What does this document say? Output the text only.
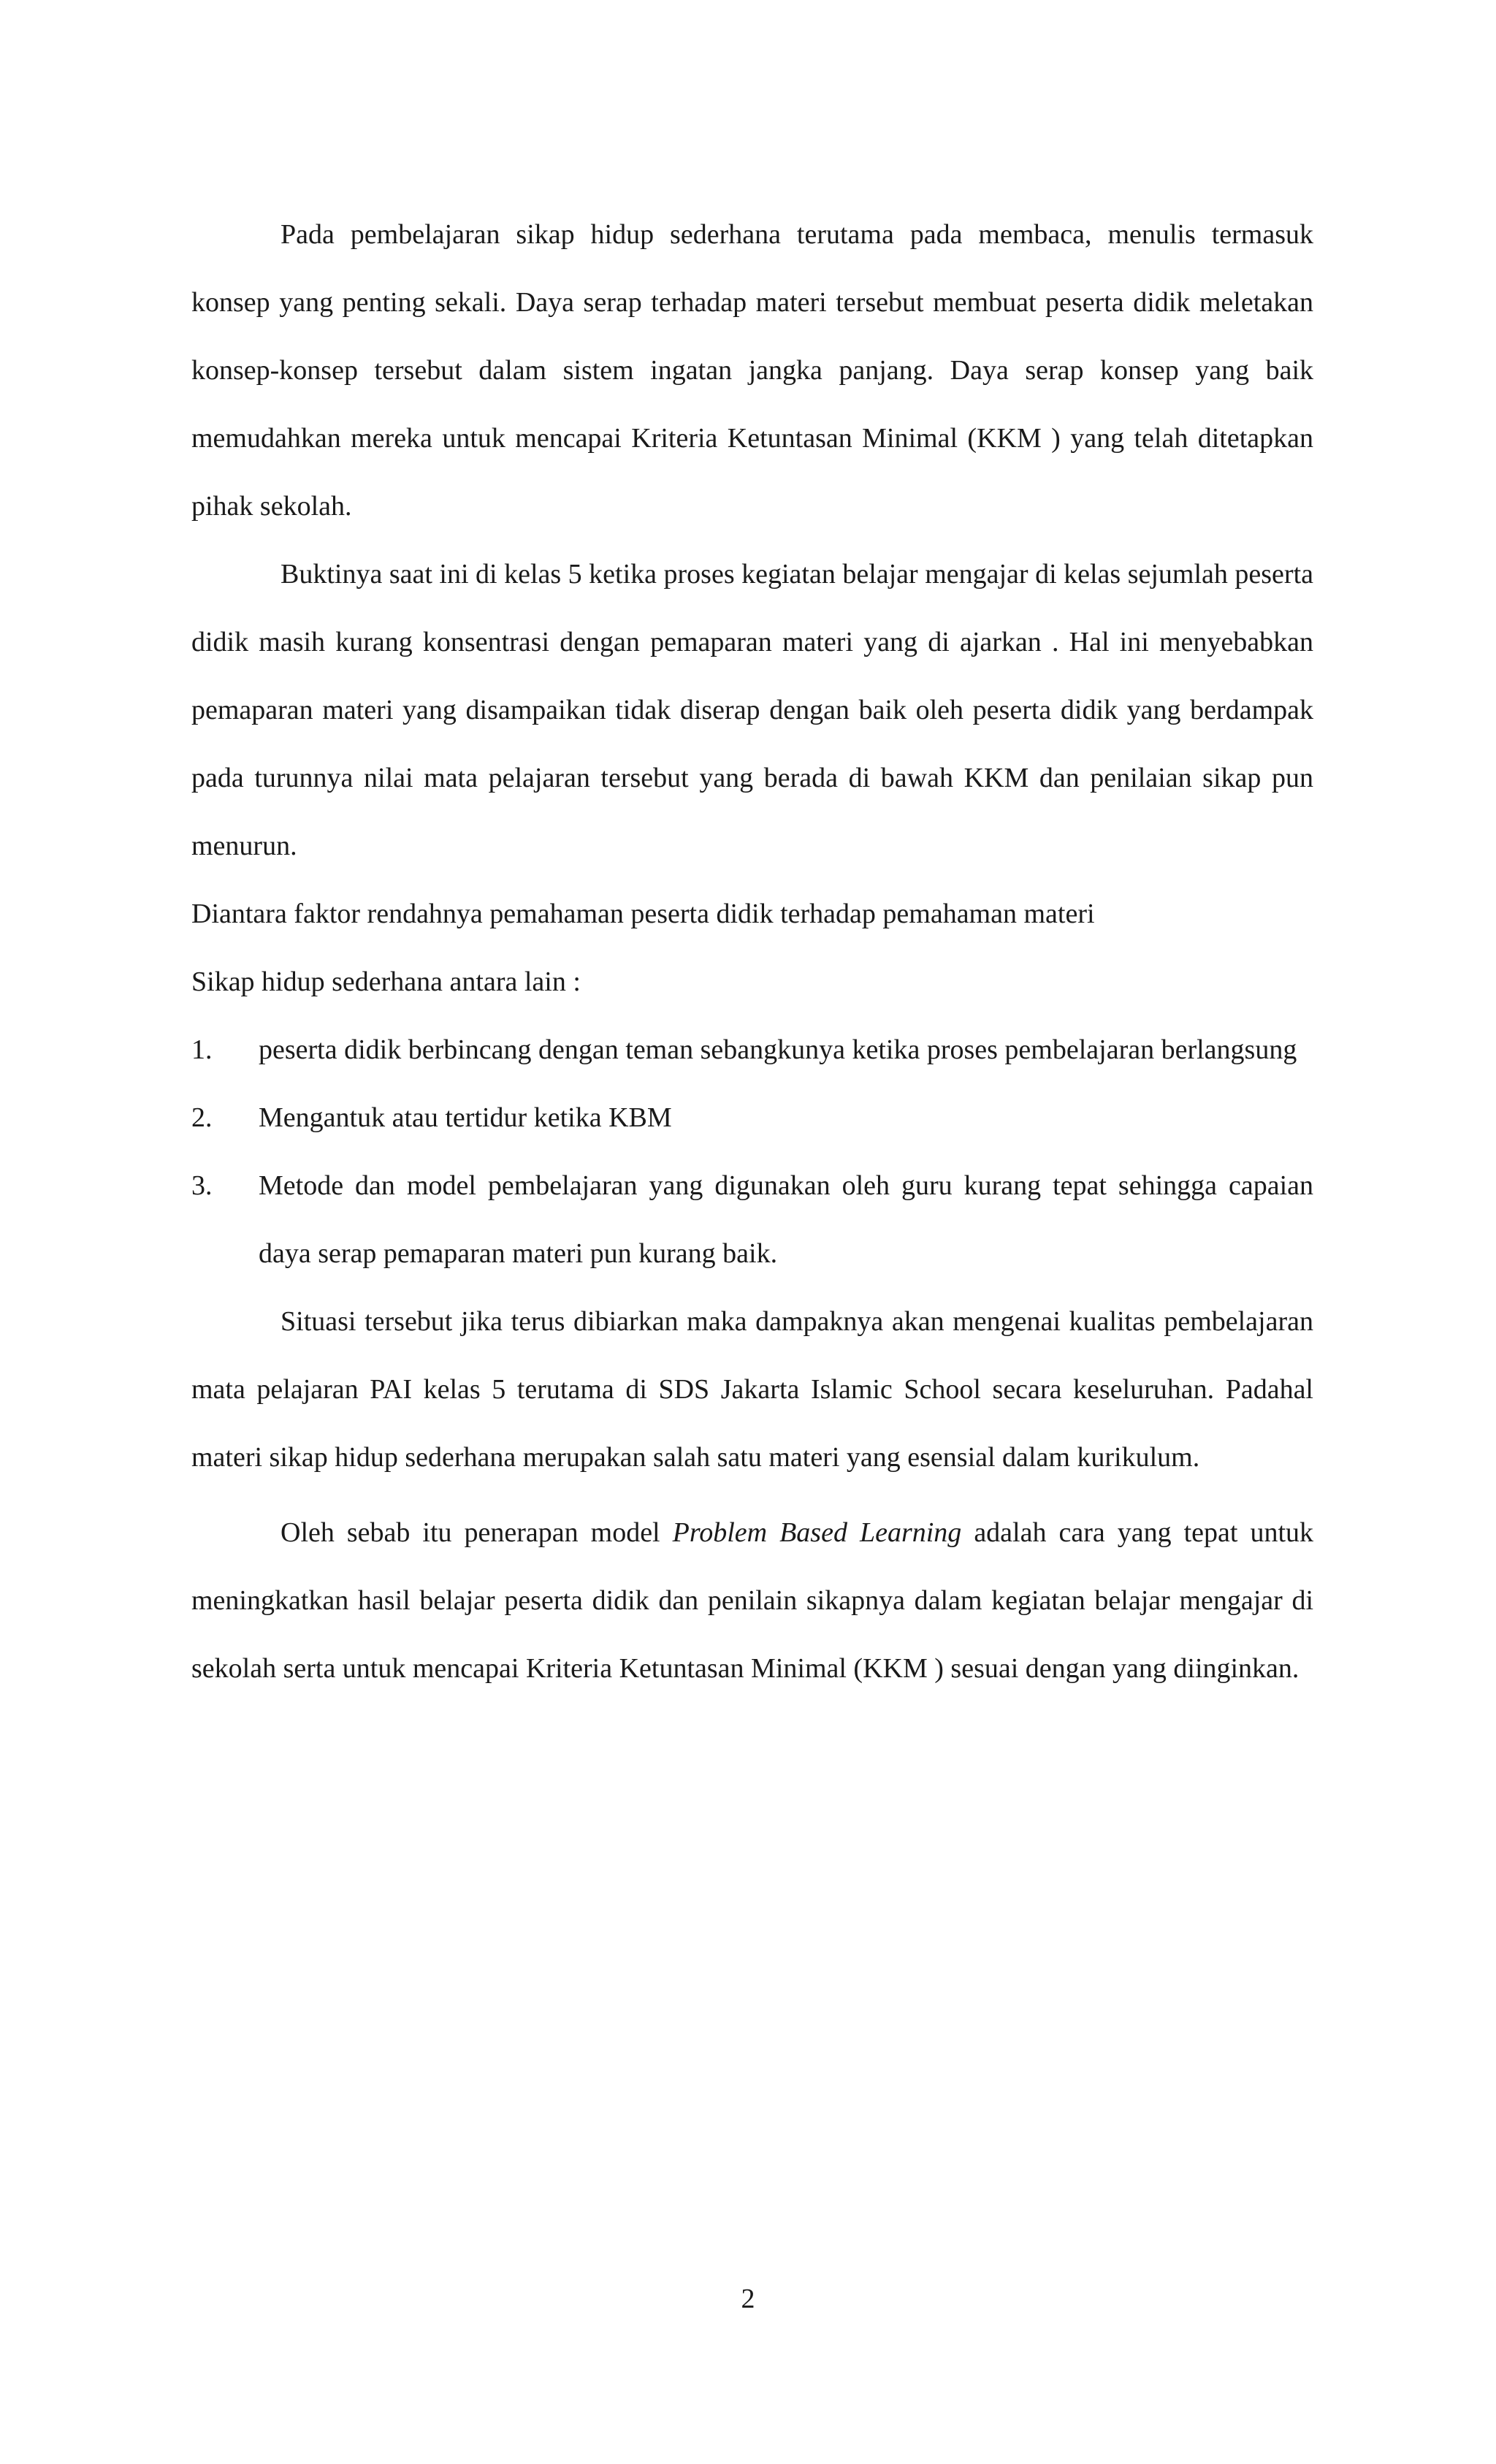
Pada pembelajaran sikap hidup sederhana terutama pada membaca, menulis termasuk konsep yang penting sekali. Daya serap terhadap materi tersebut membuat peserta didik meletakan konsep-konsep tersebut dalam sistem ingatan jangka panjang. Daya serap konsep yang baik memudahkan mereka untuk mencapai Kriteria Ketuntasan Minimal (KKM ) yang telah ditetapkan pihak sekolah.

Buktinya saat ini di kelas 5 ketika proses kegiatan belajar mengajar di kelas sejumlah peserta didik masih kurang konsentrasi dengan pemaparan materi yang di ajarkan . Hal ini menyebabkan pemaparan materi yang disampaikan tidak diserap dengan baik oleh peserta didik yang berdampak pada turunnya nilai mata pelajaran tersebut yang berada di bawah KKM dan penilaian sikap pun menurun.

Diantara faktor rendahnya pemahaman peserta didik terhadap pemahaman materi

Sikap hidup sederhana antara lain :

1. peserta didik berbincang dengan teman sebangkunya ketika proses pembelajaran berlangsung
2. Mengantuk atau tertidur ketika KBM
3. Metode dan model pembelajaran yang digunakan oleh guru kurang tepat sehingga capaian daya serap pemaparan materi pun kurang baik.

Situasi tersebut jika terus dibiarkan maka dampaknya akan mengenai kualitas pembelajaran mata pelajaran PAI kelas 5 terutama di SDS Jakarta Islamic School secara keseluruhan. Padahal materi sikap hidup sederhana merupakan salah satu materi yang esensial dalam kurikulum.

Oleh sebab itu penerapan model Problem Based Learning adalah cara yang tepat untuk meningkatkan hasil belajar peserta didik dan penilain sikapnya dalam kegiatan belajar mengajar di sekolah serta untuk mencapai Kriteria Ketuntasan Minimal (KKM ) sesuai dengan yang diinginkan.

2
